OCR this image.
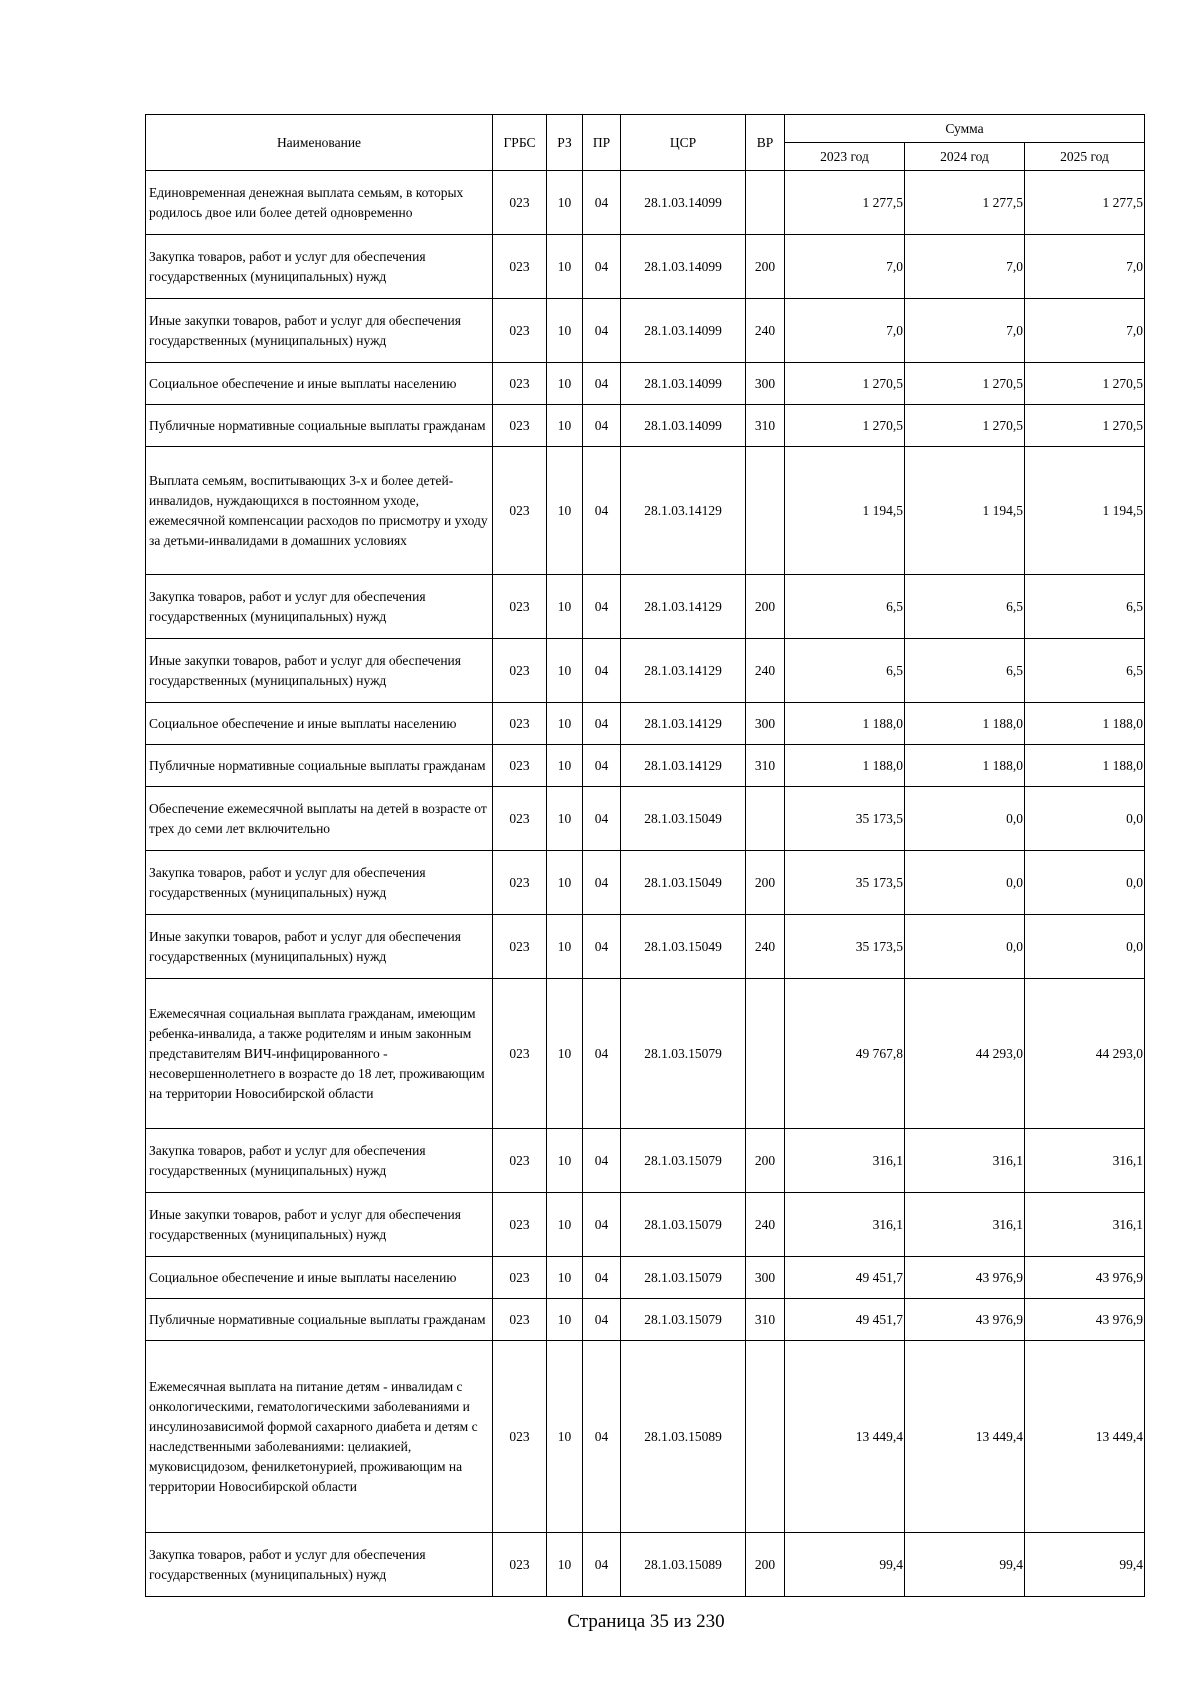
Наименование	ГРБС	РЗ	ПР	ЦСР	ВР	Сумма		
						2023 год	2024 год	2025 год
Единовременная денежная выплата семьям, в которых родилось двое или более детей одновременно	023	10	04	28.1.03.14099		1 277,5	1 277,5	1 277,5
Закупка товаров, работ и услуг для обеспечения государственных (муниципальных) нужд	023	10	04	28.1.03.14099	200	7,0	7,0	7,0
Иные закупки товаров, работ и услуг для обеспечения государственных (муниципальных) нужд	023	10	04	28.1.03.14099	240	7,0	7,0	7,0
Социальное обеспечение и иные выплаты населению	023	10	04	28.1.03.14099	300	1 270,5	1 270,5	1 270,5
Публичные нормативные социальные выплаты гражданам	023	10	04	28.1.03.14099	310	1 270,5	1 270,5	1 270,5
Выплата семьям, воспитывающих 3-х и более детей-инвалидов, нуждающихся в постоянном уходе, ежемесячной компенсации расходов по присмотру и уходу за детьми-инвалидами в домашних условиях	023	10	04	28.1.03.14129		1 194,5	1 194,5	1 194,5
Закупка товаров, работ и услуг для обеспечения государственных (муниципальных) нужд	023	10	04	28.1.03.14129	200	6,5	6,5	6,5
Иные закупки товаров, работ и услуг для обеспечения государственных (муниципальных) нужд	023	10	04	28.1.03.14129	240	6,5	6,5	6,5
Социальное обеспечение и иные выплаты населению	023	10	04	28.1.03.14129	300	1 188,0	1 188,0	1 188,0
Публичные нормативные социальные выплаты гражданам	023	10	04	28.1.03.14129	310	1 188,0	1 188,0	1 188,0
Обеспечение ежемесячной выплаты на детей в возрасте от трех до семи лет включительно	023	10	04	28.1.03.15049		35 173,5	0,0	0,0
Закупка товаров, работ и услуг для обеспечения государственных (муниципальных) нужд	023	10	04	28.1.03.15049	200	35 173,5	0,0	0,0
Иные закупки товаров, работ и услуг для обеспечения государственных (муниципальных) нужд	023	10	04	28.1.03.15049	240	35 173,5	0,0	0,0
Ежемесячная социальная выплата гражданам, имеющим ребенка-инвалида, а также родителям и иным законным представителям ВИЧ-инфицированного - несовершеннолетнего в возрасте до 18 лет, проживающим на территории Новосибирской области	023	10	04	28.1.03.15079		49 767,8	44 293,0	44 293,0
Закупка товаров, работ и услуг для обеспечения государственных (муниципальных) нужд	023	10	04	28.1.03.15079	200	316,1	316,1	316,1
Иные закупки товаров, работ и услуг для обеспечения государственных (муниципальных) нужд	023	10	04	28.1.03.15079	240	316,1	316,1	316,1
Социальное обеспечение и иные выплаты населению	023	10	04	28.1.03.15079	300	49 451,7	43 976,9	43 976,9
Публичные нормативные социальные выплаты гражданам	023	10	04	28.1.03.15079	310	49 451,7	43 976,9	43 976,9
Ежемесячная выплата на питание детям - инвалидам с онкологическими, гематологическими заболеваниями и инсулинозависимой формой сахарного диабета и детям с наследственными заболеваниями: целиакией, муковисцидозом, фенилкетонурией, проживающим на территории Новосибирской области	023	10	04	28.1.03.15089		13 449,4	13 449,4	13 449,4
Закупка товаров, работ и услуг для обеспечения государственных (муниципальных) нужд	023	10	04	28.1.03.15089	200	99,4	99,4	99,4
Страница 35 из 230
